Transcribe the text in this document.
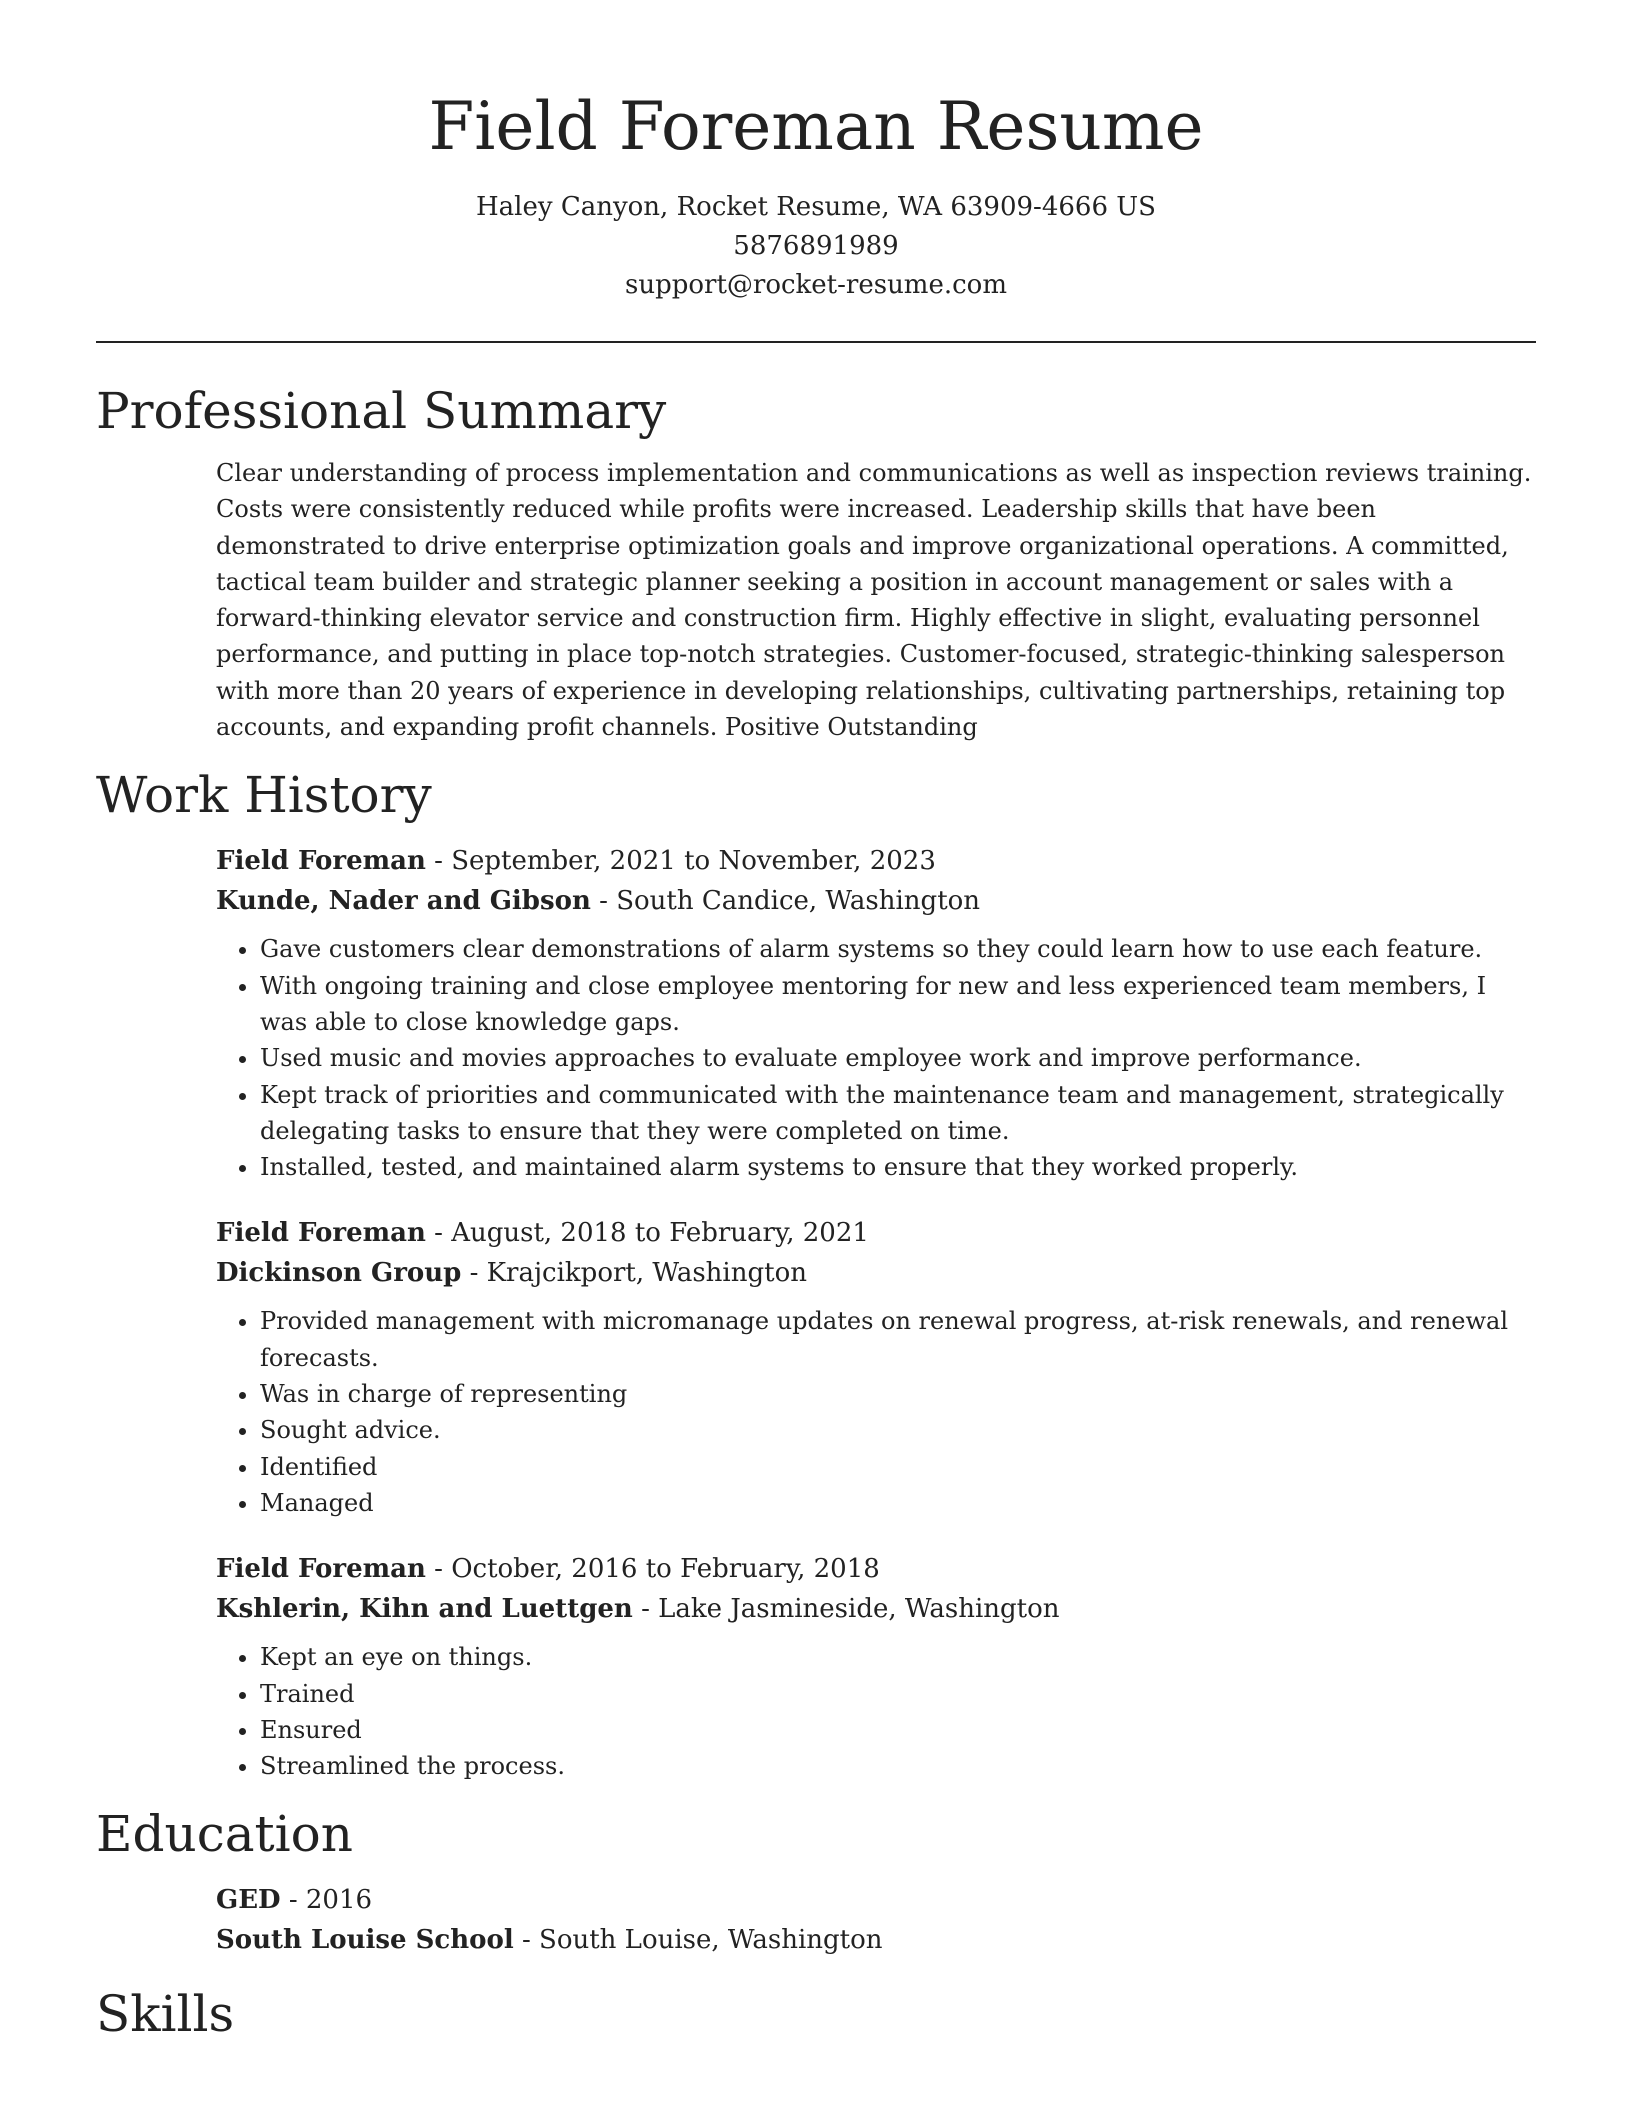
Field Foreman Resume
Haley Canyon, Rocket Resume, WA 63909-4666 US
5876891989
support@rocket-resume.com
Professional Summary
Clear understanding of process implementation and communications as well as inspection reviews training. Costs were consistently reduced while profits were increased. Leadership skills that have been demonstrated to drive enterprise optimization goals and improve organizational operations. A committed, tactical team builder and strategic planner seeking a position in account management or sales with a forward-thinking elevator service and construction firm. Highly effective in slight, evaluating personnel performance, and putting in place top-notch strategies. Customer-focused, strategic-thinking salesperson with more than 20 years of experience in developing relationships, cultivating partnerships, retaining top accounts, and expanding profit channels. Positive Outstanding
Work History
Field Foreman - September, 2021 to November, 2023
Kunde, Nader and Gibson - South Candice, Washington
• Gave customers clear demonstrations of alarm systems so they could learn how to use each feature.
• With ongoing training and close employee mentoring for new and less experienced team members, I was able to close knowledge gaps.
• Used music and movies approaches to evaluate employee work and improve performance.
• Kept track of priorities and communicated with the maintenance team and management, strategically delegating tasks to ensure that they were completed on time.
• Installed, tested, and maintained alarm systems to ensure that they worked properly.
Field Foreman - August, 2018 to February, 2021
Dickinson Group - Krajcikport, Washington
• Provided management with micromanage updates on renewal progress, at-risk renewals, and renewal forecasts.
• Was in charge of representing
• Sought advice.
• Identified
• Managed
Field Foreman - October, 2016 to February, 2018
Kshlerin, Kihn and Luettgen - Lake Jasmineside, Washington
• Kept an eye on things.
• Trained
• Ensured
• Streamlined the process.
Education
GED - 2016
South Louise School - South Louise, Washington
Skills
